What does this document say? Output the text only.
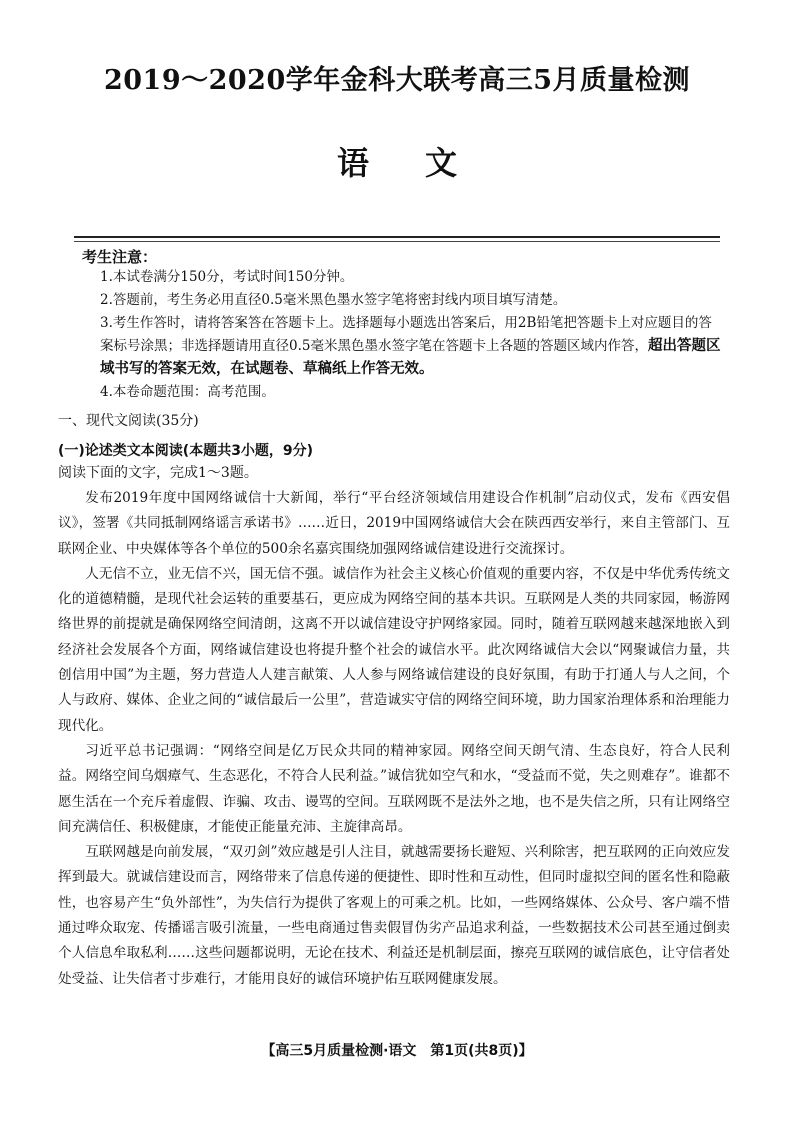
2019～2020学年金科大联考高三5月质量检测
语文
考生注意：

1.本试卷满分150分，考试时间150分钟。

2.答题前，考生务必用直径0.5毫米黑色墨水签字笔将密封线内项目填写清楚。

3.考生作答时，请将答案答在答题卡上。选择题每小题选出答案后，用2B铅笔把答题卡上对应题目的答案标号涂黑；非选择题请用直径0.5毫米黑色墨水签字笔在答题卡上各题的答题区域内作答，超出答题区域书写的答案无效，在试题卷、草稿纸上作答无效。

4.本卷命题范围：高考范围。

一、现代文阅读(35分)
(一)论述类文本阅读(本题共3小题，9分)
阅读下面的文字，完成1～3题。

发布2019年度中国网络诚信十大新闻，举行“平台经济领域信用建设合作机制”启动仪式，发布《西安倡议》，签署《共同抵制网络谣言承诺书》……近日，2019中国网络诚信大会在陕西西安举行，来自主管部门、互联网企业、中央媒体等各个单位的500余名嘉宾围绕加强网络诚信建设进行交流探讨。

人无信不立，业无信不兴，国无信不强。诚信作为社会主义核心价值观的重要内容，不仅是中华优秀传统文化的道德精髓，是现代社会运转的重要基石，更应成为网络空间的基本共识。互联网是人类的共同家园，畅游网络世界的前提就是确保网络空间清朗，这离不开以诚信建设守护网络家园。同时，随着互联网越来越深地嵌入到经济社会发展各个方面，网络诚信建设也将提升整个社会的诚信水平。此次网络诚信大会以“网聚诚信力量，共创信用中国”为主题，努力营造人人建言献策、人人参与网络诚信建设的良好氛围，有助于打通人与人之间，个人与政府、媒体、企业之间的“诚信最后一公里”，营造诚实守信的网络空间环境，助力国家治理体系和治理能力现代化。

习近平总书记强调：“网络空间是亿万民众共同的精神家园。网络空间天朗气清、生态良好，符合人民利益。网络空间乌烟瘴气、生态恶化，不符合人民利益。”诚信犹如空气和水，“受益而不觉，失之则难存”。谁都不愿生活在一个充斥着虚假、诈骗、攻击、谩骂的空间。互联网既不是法外之地，也不是失信之所，只有让网络空间充满信任、积极健康，才能使正能量充沛、主旋律高昂。

互联网越是向前发展，“双刃剑”效应越是引人注目，就越需要扬长避短、兴利除害，把互联网的正向效应发挥到最大。就诚信建设而言，网络带来了信息传递的便捷性、即时性和互动性，但同时虚拟空间的匿名性和隐蔽性，也容易产生“负外部性”，为失信行为提供了客观上的可乘之机。比如，一些网络媒体、公众号、客户端不惜通过哗众取宠、传播谣言吸引流量，一些电商通过售卖假冒伪劣产品追求利益，一些数据技术公司甚至通过倒卖个人信息牟取私利……这些问题都说明，无论在技术、利益还是机制层面，擦亮互联网的诚信底色，让守信者处处受益、让失信者寸步难行，才能用良好的诚信环境护佑互联网健康发展。

【高三5月质量检测·语文　第1页(共8页)】
